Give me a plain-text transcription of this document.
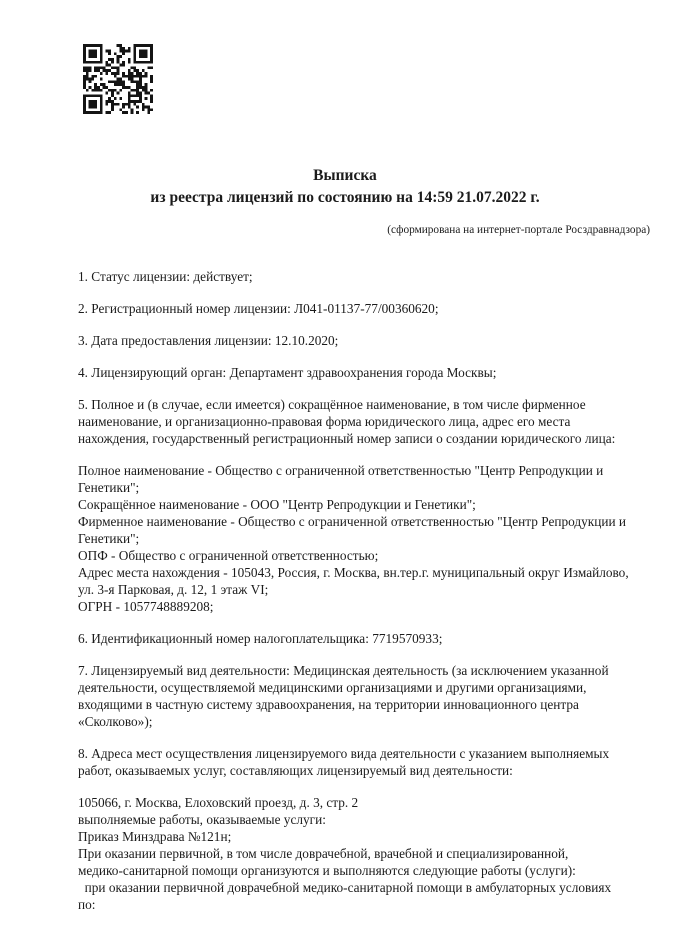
Выписка
из реестра лицензий по состоянию на 14:59 21.07.2022 г.
(сформирована на интернет-портале Росздравнадзора)
1. Статус лицензии: действует;
2. Регистрационный номер лицензии: Л041-01137-77/00360620;
3. Дата предоставления лицензии: 12.10.2020;
4. Лицензирующий орган: Департамент здравоохранения города Москвы;
5. Полное и (в случае, если имеется) сокращённое наименование, в том числе фирменное
наименование, и организационно-правовая форма юридического лица, адрес его места
нахождения, государственный регистрационный номер записи о создании юридического лица:
Полное наименование - Общество с ограниченной ответственностью "Центр Репродукции и
Генетики";
Сокращённое наименование - ООО "Центр Репродукции и Генетики";
Фирменное наименование - Общество с ограниченной ответственностью "Центр Репродукции и
Генетики";
ОПФ - Общество с ограниченной ответственностью;
Адрес места нахождения - 105043, Россия, г. Москва, вн.тер.г. муниципальный округ Измайлово,
ул. 3-я Парковая, д. 12, 1 этаж VI;
ОГРН - 1057748889208;
6. Идентификационный номер налогоплательщика: 7719570933;
7. Лицензируемый вид деятельности: Медицинская деятельность (за исключением указанной
деятельности, осуществляемой медицинскими организациями и другими организациями,
входящими в частную систему здравоохранения, на территории инновационного центра
«Сколково»);
8. Адреса мест осуществления лицензируемого вида деятельности с указанием выполняемых
работ, оказываемых услуг, составляющих лицензируемый вид деятельности:
105066, г. Москва, Елоховский проезд, д. 3, стр. 2
выполняемые работы, оказываемые услуги:
Приказ Минздрава №121н;
При оказании первичной, в том числе доврачебной, врачебной и специализированной,
медико-санитарной помощи организуются и выполняются следующие работы (услуги):
при оказании первичной доврачебной медико-санитарной помощи в амбулаторных условиях
по:
